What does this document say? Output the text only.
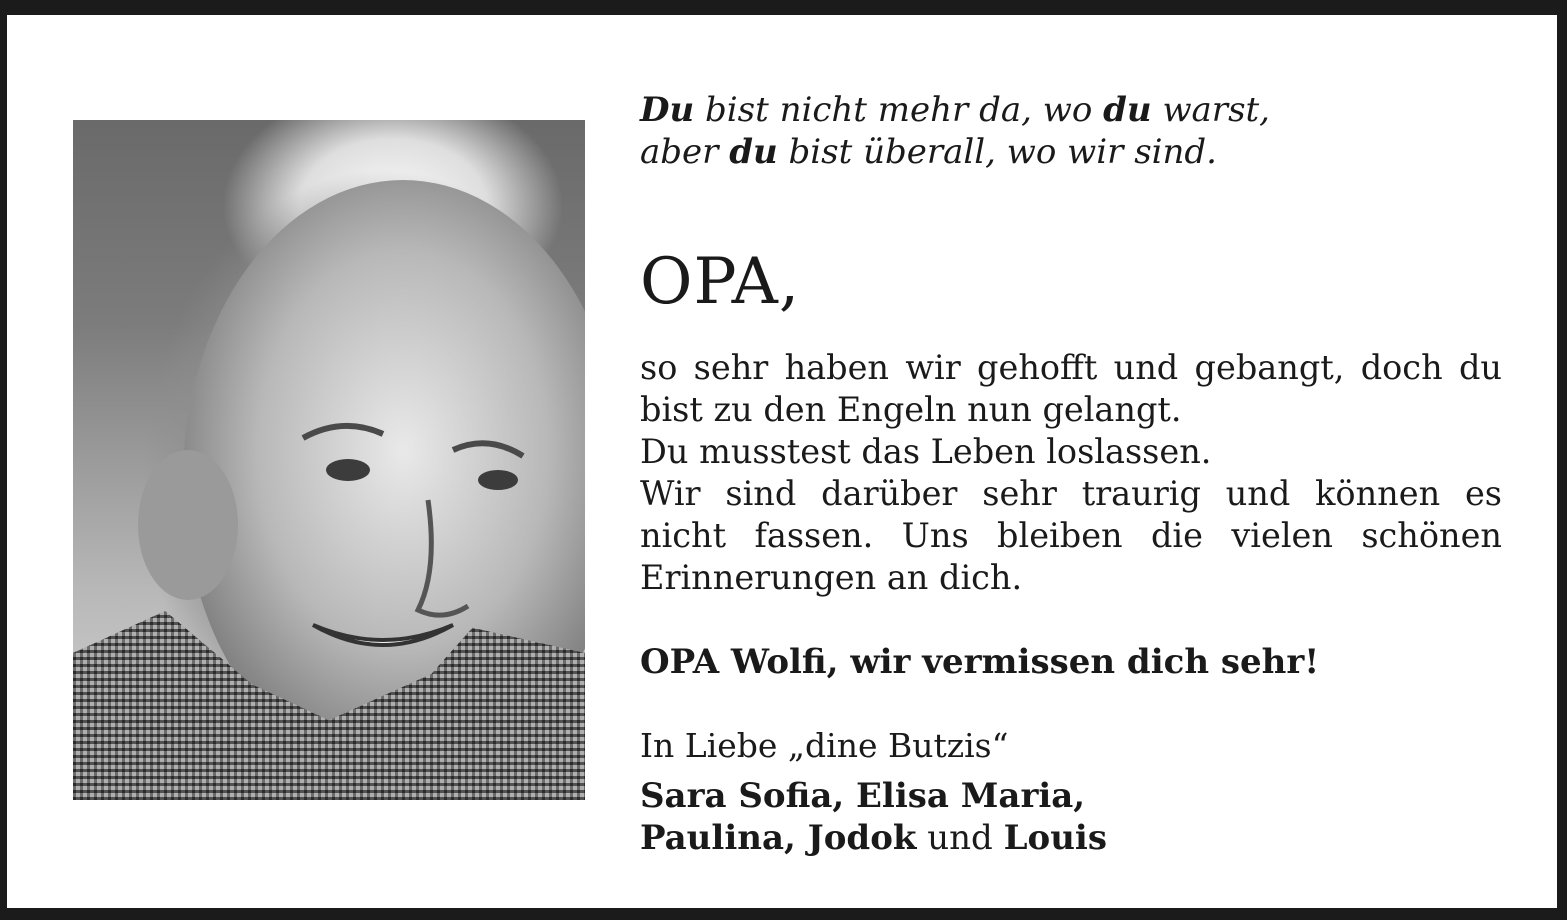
Du bist nicht mehr da, wo du warst,
aber du bist überall, wo wir sind.
OPA,
so sehr haben wir gehofft und gebangt, doch du
bist zu den Engeln nun gelangt.
Du musstest das Leben loslassen.
Wir sind darüber sehr traurig und können es
nicht fassen. Uns bleiben die vielen schönen
Erinnerungen an dich.
OPA Wolfi, wir vermissen dich sehr!
In Liebe „dine Butzis“
Sara Sofia, Elisa Maria,
Paulina, Jodok und Louis
